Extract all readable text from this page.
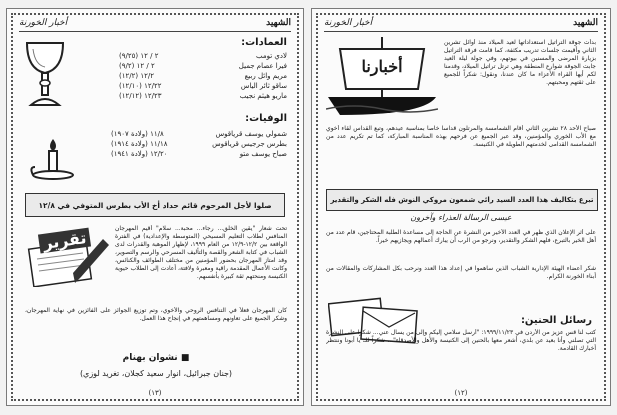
أخبار الخورنة	الشهيد
العمادات:
لادي تومب
٢ / ١٢ (٩/٢٥)
فيرا عصام جميل
٢ / ١٢ (٩/٢)
مريم وائل ربيع
١٢/٢ (١٢/٢)
ساقو ثائر الياس
١٢/٢٢ (١٢/١٠)
ماريو هيثم نجيب
١٢/٢٣ (١٢/١٢)
الوفيات:
شمولي يوسف قرياقوس
١١/٨ (ولادة ١٩٠٧)
بطرس جرجيس قرياقوس
١١/١٨ (ولادة ١٩١٤)
صباح يوسف متو
١٢/٢٠ (ولادة ١٩٤١)
صلوا لأجل المرحوم قائم حداد أخ الأب بطرس المتوفي في ١٢/٨
تقرير	تحت شعار "يقين الخلق... رجاء... محبة... سلام" أقيم المهرجان المنافس لطلاب التعليم المسيحي (المتوسطة والإعدادية) في الفترة الواقعة بين ١٢/٢-١٢/٩ من العام ١٩٩٩، لإظهار الموهبة والقدرات لدى الشباب في كتابة الشعر والقصة والتأليف المسرحي والرسم والتصوير، وقد امتاز المهرجان بحضور المؤمنين من مختلف الطوائف والكنائس، وكانت الأعمال المقدمة راقية ومعبرة ولافتة، أعادت إلى الطلاب حيوية الكنيسة ومنحتهم ثقة كبيرة بأنفسهم.
كان المهرجان فعلاً في التنافس الروحي والأخوي، وتم توزيع الجوائز على الفائزين في نهاية المهرجان، وشكر الجميع على تعاونهم ومساهمتهم في إنجاح هذا العمل.
■ نشوان بهنام
(جنان جبرائيل، انوار سعيد كجلان، تغريد لوزي)
(١٣)
أخبار الخورنة	الشهيد
أخبارنا
بدأت جوقة التراتيل استعداداتها لعيد الميلاد منذ أوائل تشرين الثاني وأقيمت جلسات تدريب مكثفة، كما قامت فرقة التراتيل بزيارة المرضى والمسنين في بيوتهم، وفي جولة ليلة العيد جابت الجوقة شوارع المنطقة وهي ترتل تراتيل الميلاد، وقدمنا لكم أيها القراء الأعزاء ما كان عندنا، ونقول: شكراً للجميع على ثقتهم ومحبتهم.
صباح الأحد ٢٨ تشرين الثاني أقام الشمامسة والمرتلون قداساً خاصاً بمناسبة عيدهم، وتبع القداس لقاء أخوي مع الأب الخوري والمؤمنين، وقد عبر الجميع عن فرحهم بهذه المناسبة المباركة، كما تم تكريم عدد من الشمامسة القدامى لخدمتهم الطويلة في الكنيسة.
تبرع بتكاليف هذا العدد السيد رائي شمعون مروكي النوش فله الشكر والتقدير
عيسى الرسالة العذراء وآخرون
على أثر الإعلان الذي ظهر في العدد الأخير من النشرة عن الحاجة إلى مساعدة الطلبة المحتاجين، قام عدد من أهل الخير بالتبرع، فلهم الشكر والتقدير، ونرجو من الرب أن يبارك أعمالهم ويجازيهم خيراً.
شكر أعضاء الهيئة الإدارية الشباب الذين ساهموا في إعداد هذا العدد ونرحب بكل المشاركات والمقالات من أبناء الخورنة الكرام.
رسائل الحنين:
كتب لنا قس عزيز من الأردن في ١٩٩٩/١١/٢٣: "أرسل سلامي إليكم وإلى من يسأل عني... شكراً على النشرة التي تصلني وأنا بعيد عن بلدي، أشعر معها بالحنين إلى الكنيسة والأهل والأصدقاء"... شكراً لك يا أبونا وننتظر أخبارك القادمة.
(١٢)
